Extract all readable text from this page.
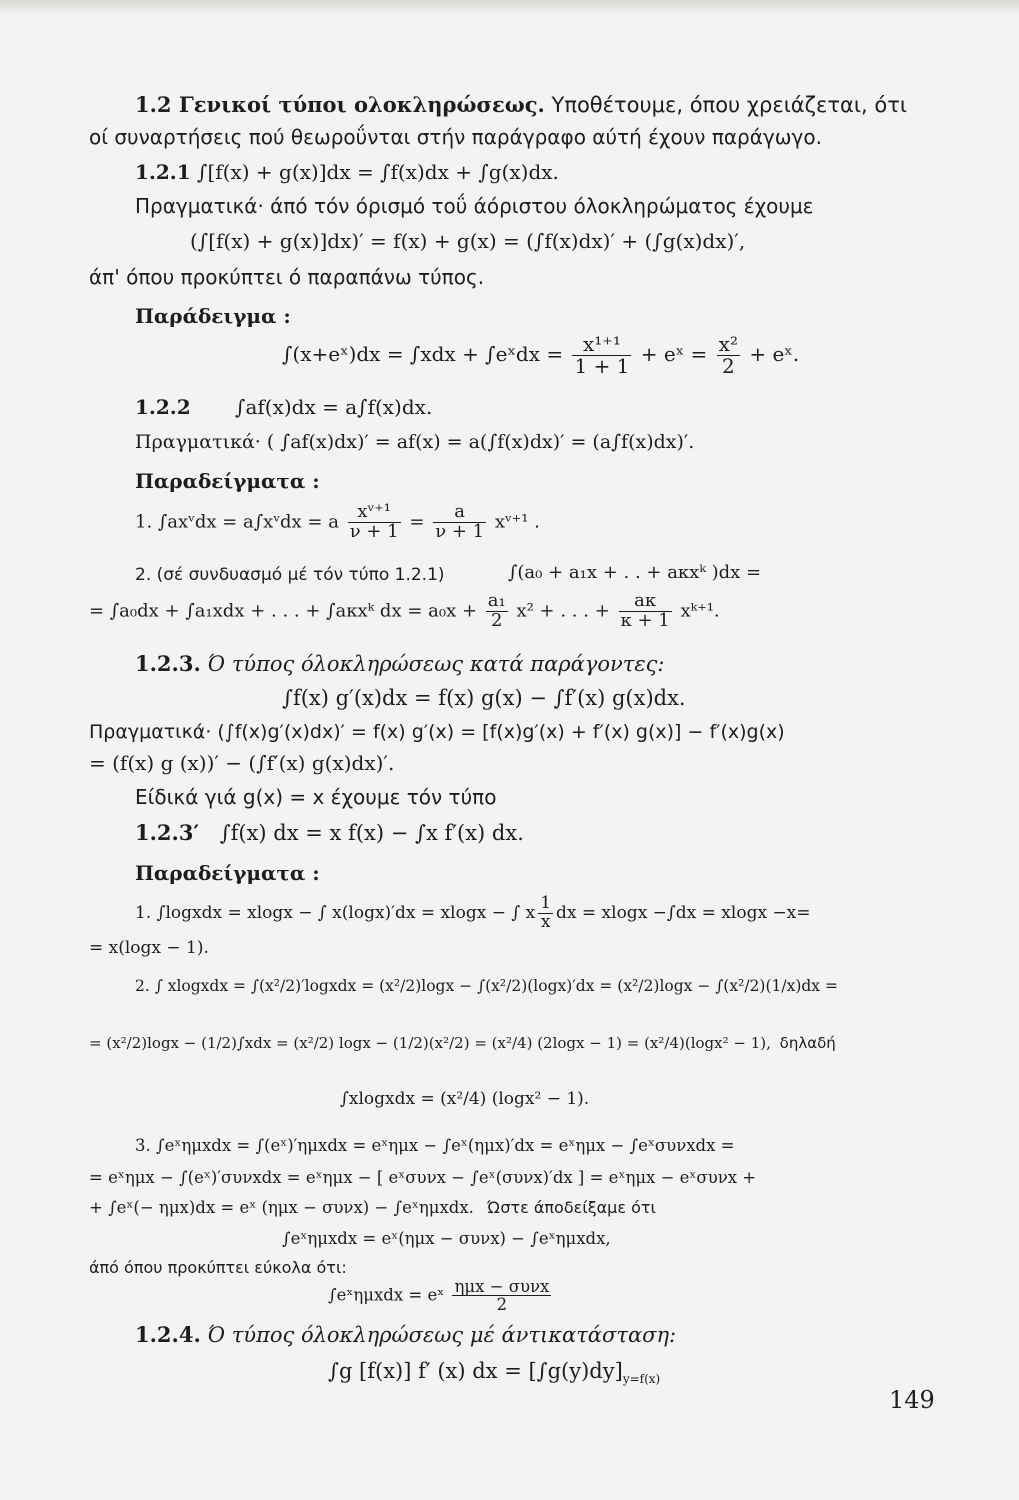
1.2 Γενικοί τύποι ολοκληρώσεως. Υποθέτουμε, όπου χρειάζεται, ότι
οί συναρτήσεις πού θεωροΰνται στήν παράγραφο αύτή έχουν παράγωγο.
1.2.1 ∫[f(x) + g(x)]dx = ∫f(x)dx + ∫g(x)dx.
Πραγματικά· άπό τόν όρισμό τοΰ άόριστου όλοκληρώματος έχουμε
(∫[f(x) + g(x)]dx)′ = f(x) + g(x) = (∫f(x)dx)′ + (∫g(x)dx)′,
άπ' όπου προκύπτει ό παραπάνω τύπος.
Παράδειγμα :
∫(x+eˣ)dx = ∫xdx + ∫eˣdx = $\frac{\text{x¹⁺¹}}{1 + 1}$ + eˣ = $\frac{\text{x²}}{2}$ + eˣ.
1.2.2 ∫af(x)dx = a∫f(x)dx.
Πραγματικά· ( ∫af(x)dx)′ = af(x) = a(∫f(x)dx)′ = (a∫f(x)dx)′.
Παραδείγματα :
1. ∫axᵛdx = a∫xᵛdx = a $\frac{\text{xᵛ⁺¹}}{\nu + 1} = \frac{a}{\nu + 1}$ xᵛ⁺¹ .
2. (σέ συνδυασμό μέ τόν τύπο 1.2.1)	∫(a₀ + a₁x + . . + aκxᵏ )dx =
= ∫a₀dx + ∫a₁xdx + . . . + ∫aκxᵏ dx = $a_0x + \frac{\text{a₁}}{2} x^2$ + . . . + $\frac{a\kappa}{\kappa + 1}$ xᵏ⁺¹.
1.2.3. Ό τύπος όλοκληρώσεως κατά παράγοντες:
∫f(x) g′(x)dx = f(x) g(x) − ∫f′(x) g(x)dx.
Πραγματικά· (∫f(x)g′(x)dx)′ = f(x) g′(x) = [f(x)g′(x) + f′(x) g(x)] − f′(x)g(x)
= (f(x) g (x))′ − (∫f′(x) g(x)dx)′.
Είδικά γιά g(x) = x έχουμε τόν τύπο
1.2.3′ ∫f(x) dx = x f(x) − ∫x f′(x) dx.
Παραδείγματα :
1. ∫logxdx = xlogx − ∫ x(logx)′dx = xlogx − ∫ x $\frac{1}{x}$ dx = xlogx −∫dx = xlogx −x=
= x(logx − 1).
2. ∫ xlogxdx = ∫(x²/2)′logxdx = (x²/2)logx − ∫(x²/2)(logx)′dx = (x²/2)logx − ∫(x²/2)(1/x)dx =
= (x²/2)logx − (1/2)∫xdx = (x²/2) logx − (1/2)(x²/2) = (x²/4) (2logx − 1) = (x²/4)(logx² − 1), δηλαδή
∫xlogxdx = (x²/4) (logx² − 1).
3. ∫eˣημxdx = ∫(eˣ)′ημxdx = eˣημx − ∫eˣ(ημx)′dx = eˣημx − ∫eˣσυνxdx =
= eˣημx − ∫(eˣ)′συνxdx = eˣημx − [ eˣσυνx − ∫eˣ(συνx)′dx ] = eˣημx − eˣσυνx +
+ ∫eˣ(− ημx)dx = eˣ (ημx − συνx) − ∫eˣημxdx. Ώστε άποδείξαμε ότι
∫eˣημxdx = eˣ(ημx − συνx) − ∫eˣημxdx,
άπό όπου προκύπτει εύκολα ότι:
∫eˣημxdx = eˣ ημx − συνx
2
1.2.4. Ό τύπος όλοκληρώσεως μέ άντικατάσταση:
∫g [f(x)] f′ (x) dx = $[\int g(y)dy]_{y=f(x)}$
149
